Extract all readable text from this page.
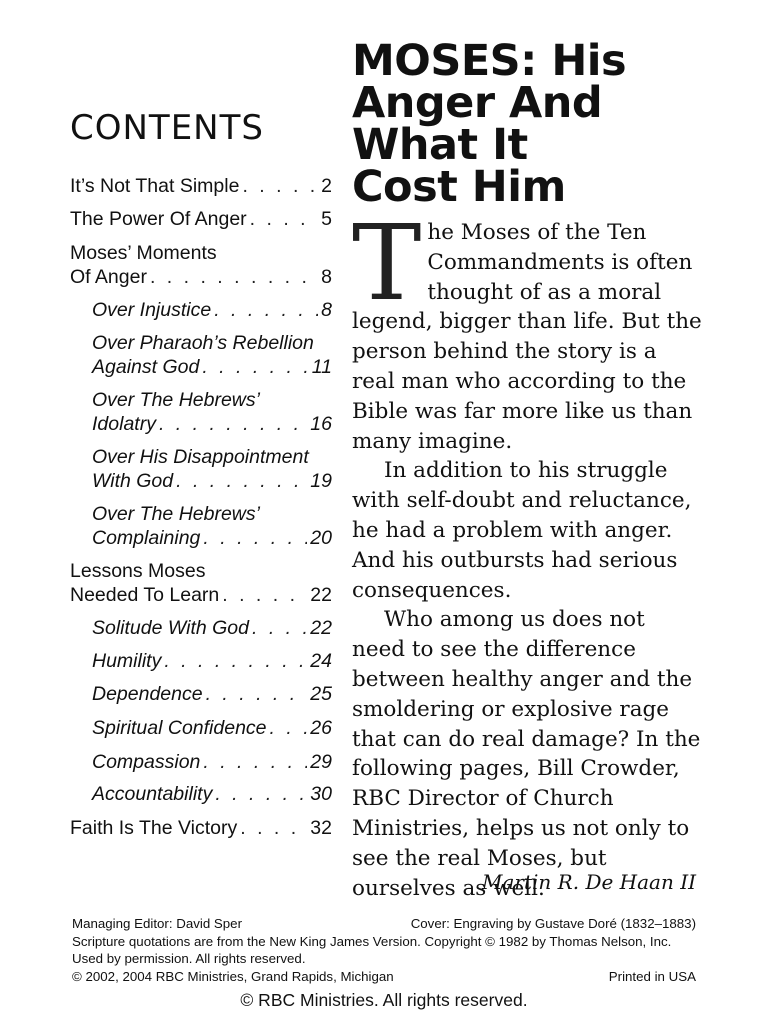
CONTENTS
It’s Not That Simple . . .	2
The Power Of Anger . . .	5
Moses’ Moments
Of Anger . . .	8
Over Injustice . . .	8
Over Pharaoh’s Rebellion
Against God . . .	11
Over The Hebrews’
Idolatry . . .	16
Over His Disappointment
With God . . .	19
Over The Hebrews’
Complaining . . .	20
Lessons Moses
Needed To Learn . . .	22
Solitude With God . . .	22
Humility . . .	24
Dependence . . .	25
Spiritual Confidence . . . 26
Compassion . . .	29
Accountability . . .	30
Faith Is The Victory . . .	32
MOSES: His
Anger And
What It
Cost Him

The Moses of the Ten Commandments is often thought of as a moral legend, bigger than life. But the person behind the story is a real man who according to the Bible was far more like us than many imagine.

In addition to his struggle with self-doubt and reluctance, he had a problem with anger. And his outbursts had serious consequences.

Who among us does not need to see the difference between healthy anger and the smoldering or explosive rage that can do real damage? In the following pages, Bill Crowder, RBC Director of Church Ministries, helps us not only to see the real Moses, but ourselves as well.

Martin R. De Haan II
Managing Editor: David Sper	Cover: Engraving by Gustave Doré (1832–1883)
Scripture quotations are from the New King James Version. Copyright © 1982 by Thomas Nelson, Inc. Used by permission. All rights reserved.
© 2002, 2004 RBC Ministries, Grand Rapids, Michigan	Printed in USA
© RBC Ministries. All rights reserved.
